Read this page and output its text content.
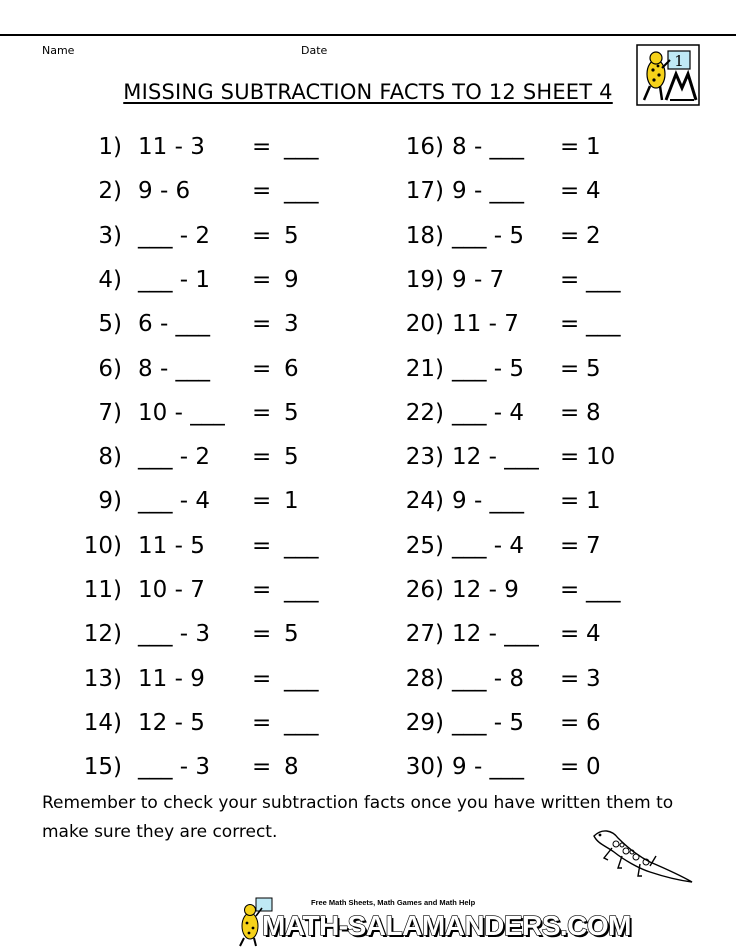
Name	Date
MISSING SUBTRACTION FACTS TO 12 SHEET 4
1
1) 11 - 3 = ___
2) 9 - 6	= ___
3) ___ - 2 = 5
4) ___ - 1 = 9
5) 6 - ___ = 3
6) 8 - ___ = 6
7) 10 - ___ = 5
8) ___ - 2 = 5
9) ___ - 4 = 1
10) 11 - 5 = ___
11) 10 - 7 = ___
12) ___ - 3 = 5
13) 11 - 9 = ___
14) 12 - 5 = ___
15) ___ - 3 = 8
16) 8 - ___ = 1
17) 9 - ___ = 4
18) ___ - 5 = 2
19) 9 - 7 = ___
20) 11 - 7 = ___
21) ___ - 5 = 5
22) ___ - 4 = 8
23) 12 - ___ = 10
24) 9 - ___ = 1
25) ___ - 4 = 7
26) 12 - 9 = ___
27) 12 - ___ = 4
28) ___ - 8 = 3
29) ___ - 5 = 6
30) 9 - ___ = 0
Remember to check your subtraction facts once you have written them to make sure they are correct.
Free Math Sheets, Math Games and Math Help
MATH-SALAMANDERS.COM
